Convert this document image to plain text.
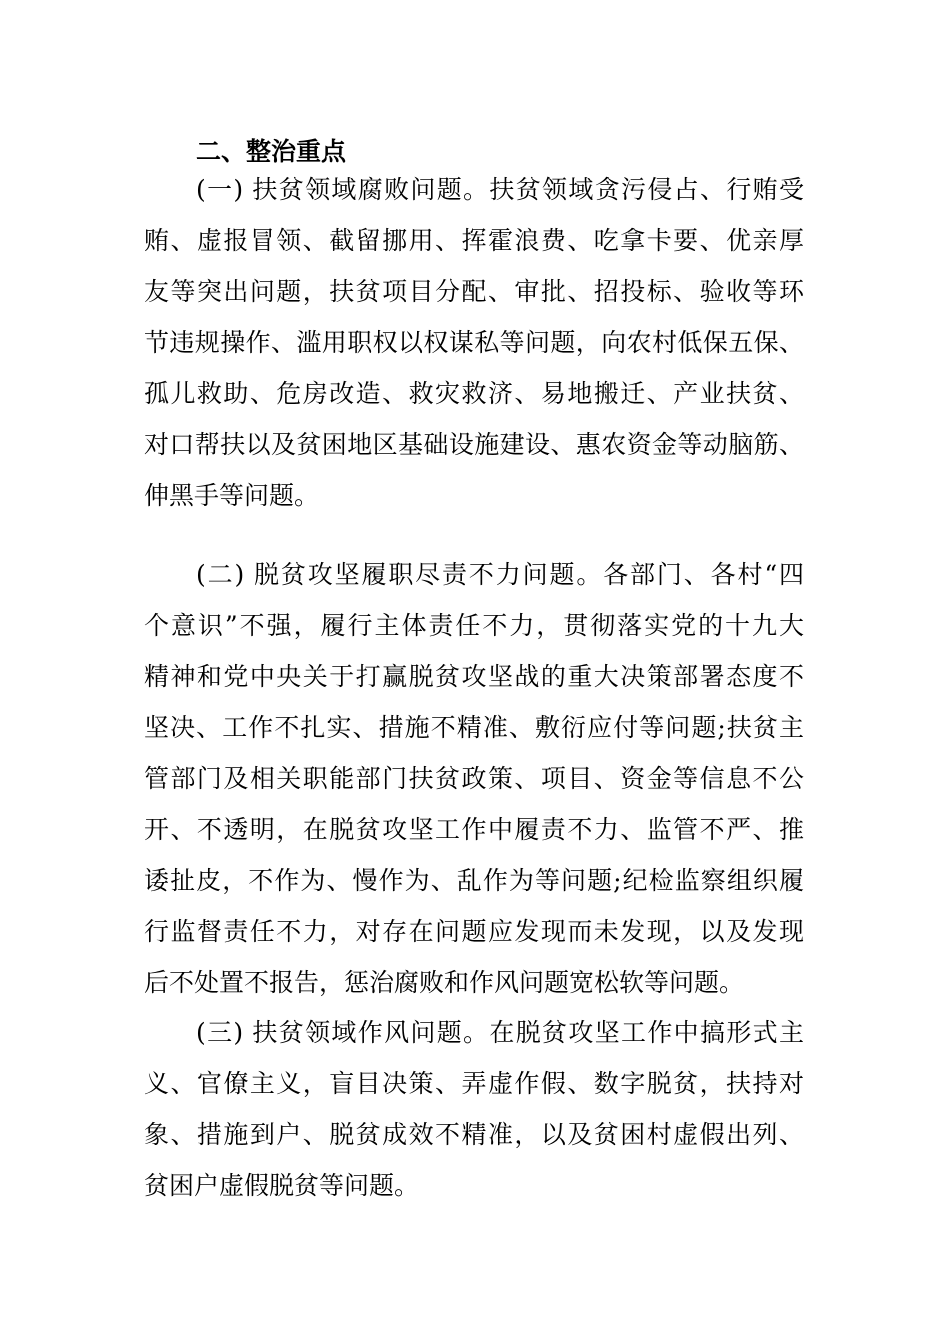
二、整治重点
(一) 扶贫领域腐败问题。扶贫领域贪污侵占、行贿受
贿、虚报冒领、截留挪用、挥霍浪费、吃拿卡要、优亲厚
友等突出问题，扶贫项目分配、审批、招投标、验收等环
节违规操作、滥用职权以权谋私等问题，向农村低保五保、
孤儿救助、危房改造、救灾救济、易地搬迁、产业扶贫、
对口帮扶以及贫困地区基础设施建设、惠农资金等动脑筋、
伸黑手等问题。
(二) 脱贫攻坚履职尽责不力问题。各部门、各村“四
个意识”不强，履行主体责任不力，贯彻落实党的十九大
精神和党中央关于打赢脱贫攻坚战的重大决策部署态度不
坚决、工作不扎实、措施不精准、敷衍应付等问题;扶贫主
管部门及相关职能部门扶贫政策、项目、资金等信息不公
开、不透明，在脱贫攻坚工作中履责不力、监管不严、推
诿扯皮，不作为、慢作为、乱作为等问题;纪检监察组织履
行监督责任不力，对存在问题应发现而未发现，以及发现
后不处置不报告，惩治腐败和作风问题宽松软等问题。
(三) 扶贫领域作风问题。在脱贫攻坚工作中搞形式主
义、官僚主义，盲目决策、弄虚作假、数字脱贫，扶持对
象、措施到户、脱贫成效不精准，以及贫困村虚假出列、
贫困户虚假脱贫等问题。
